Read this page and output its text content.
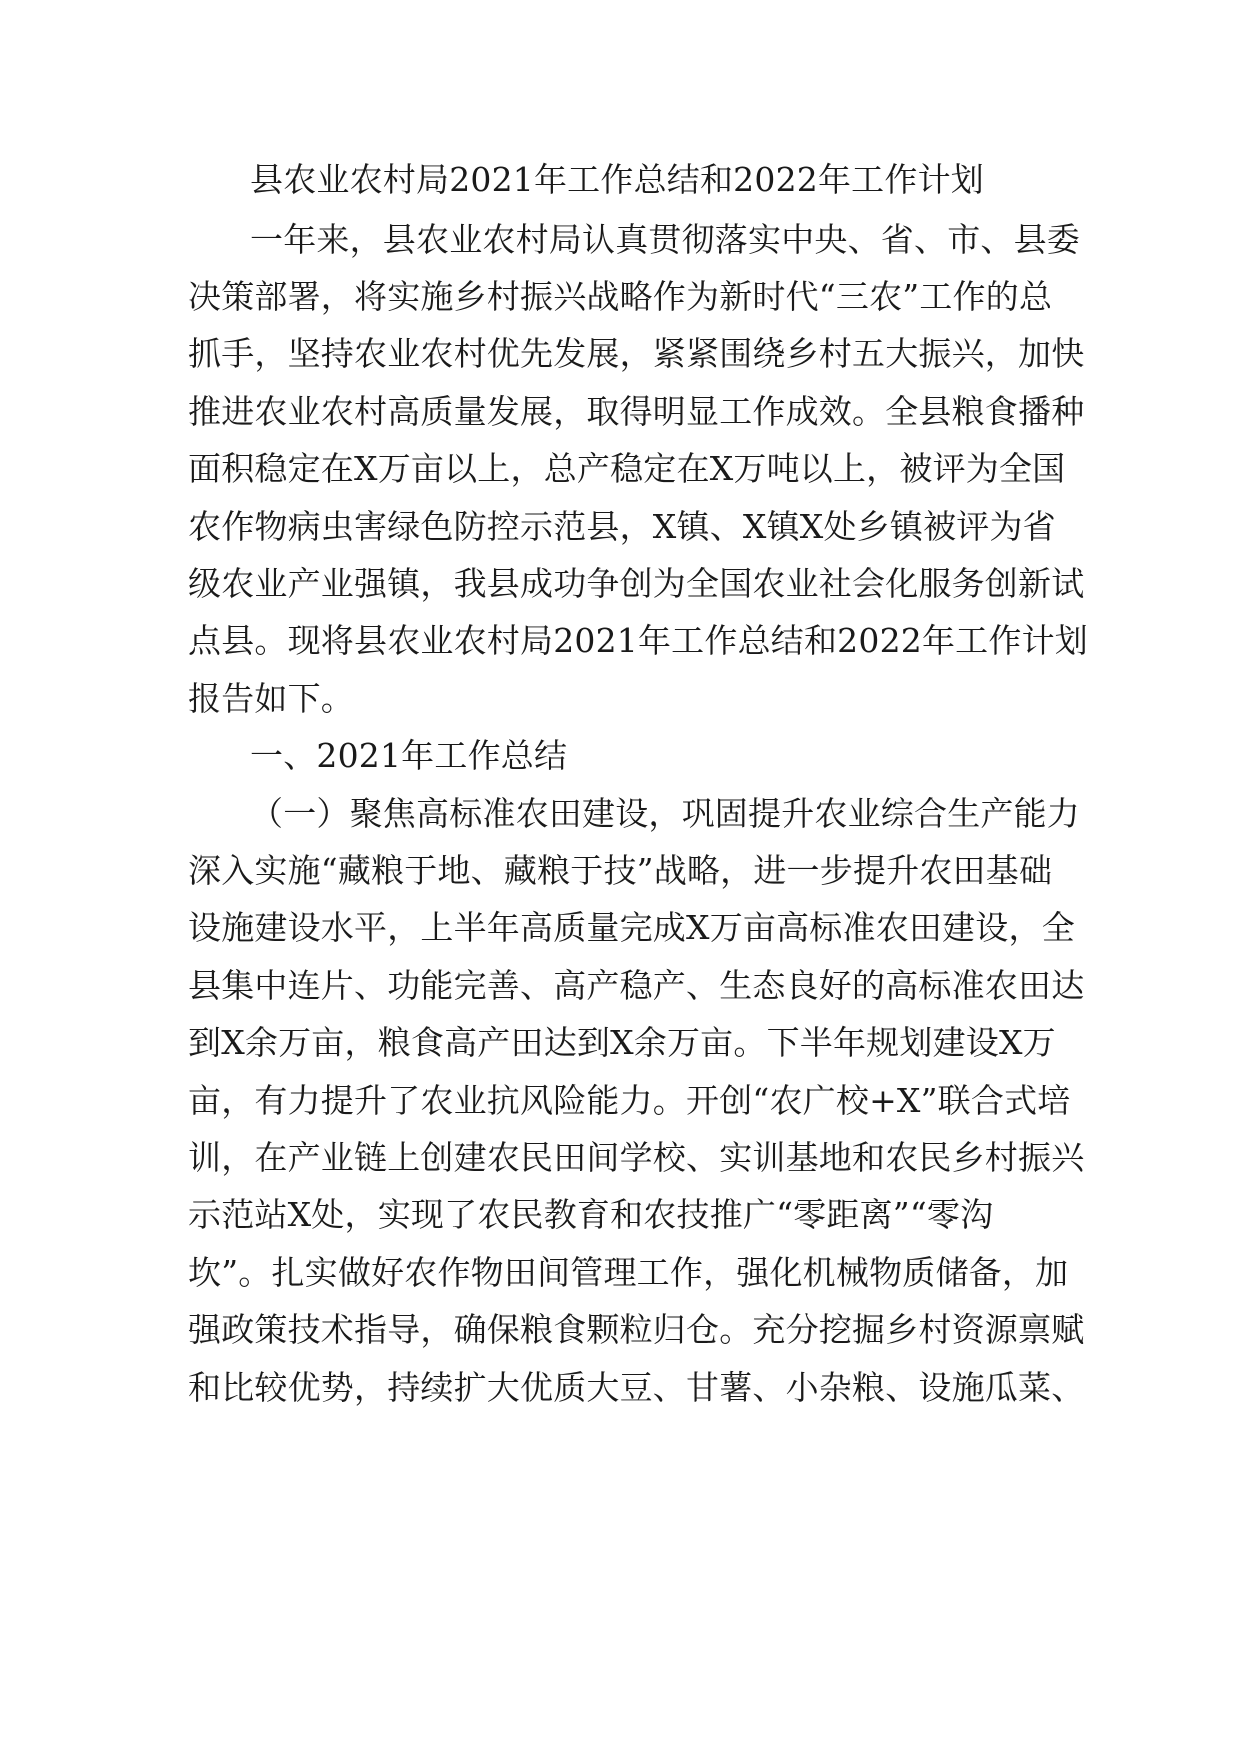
县农业农村局2021年工作总结和2022年工作计划
一年来，县农业农村局认真贯彻落实中央、省、市、县委
决策部署，将实施乡村振兴战略作为新时代“三农”工作的总
抓手，坚持农业农村优先发展，紧紧围绕乡村五大振兴，加快
推进农业农村高质量发展，取得明显工作成效。全县粮食播种
面积稳定在X万亩以上，总产稳定在X万吨以上，被评为全国
农作物病虫害绿色防控示范县，X镇、X镇X处乡镇被评为省
级农业产业强镇，我县成功争创为全国农业社会化服务创新试
点县。现将县农业农村局2021年工作总结和2022年工作计划
报告如下。
一、2021年工作总结
（一）聚焦高标准农田建设，巩固提升农业综合生产能力
深入实施“藏粮于地、藏粮于技”战略，进一步提升农田基础
设施建设水平，上半年高质量完成X万亩高标准农田建设，全
县集中连片、功能完善、高产稳产、生态良好的高标准农田达
到X余万亩，粮食高产田达到X余万亩。下半年规划建设X万
亩，有力提升了农业抗风险能力。开创“农广校+X”联合式培
训，在产业链上创建农民田间学校、实训基地和农民乡村振兴
示范站X处，实现了农民教育和农技推广“零距离”“零沟
坎”。扎实做好农作物田间管理工作，强化机械物质储备，加
强政策技术指导，确保粮食颗粒归仓。充分挖掘乡村资源禀赋
和比较优势，持续扩大优质大豆、甘薯、小杂粮、设施瓜菜、
